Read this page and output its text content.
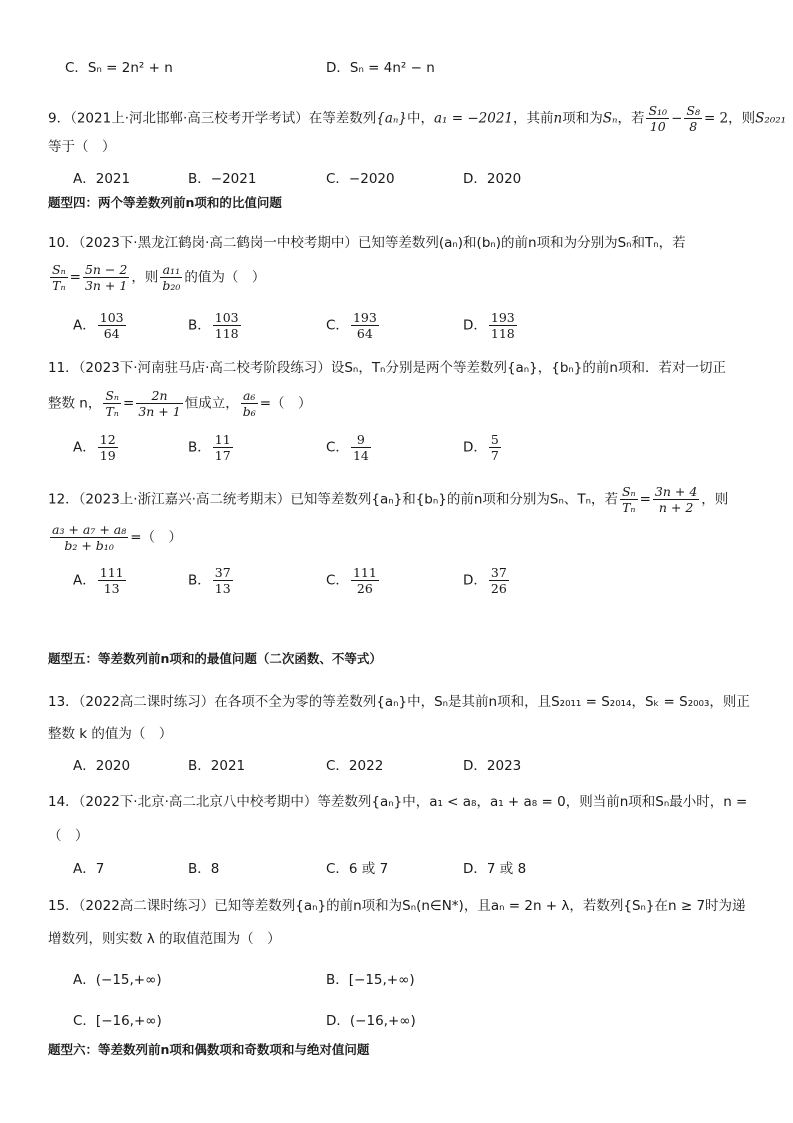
C．Sₙ = 2n² + n	D．Sₙ = 4n² − n
9．（2021上·河北邯郸·高三校考开学考试）在等差数列{aₙ}中，a₁ = −2021，其前n项和为Sₙ，若 $\frac{\text{S₁₀}}{10} - \frac{\text{S₈}}{8} = 2$，则S₂₀₂₁
等于（　）
A．2021	B．−2021	C．−2020	D．2020
题型四：两个等差数列前n项和的比值问题
10．（2023下·黑龙江鹤岗·高二鹤岗一中校考期中）已知等差数列(aₙ)和(bₙ)的前n项和为分别为Sₙ和Tₙ，若
$\frac{\text{Sₙ}}{\text{Tₙ}} = \frac{5n - 2}{3n + 1}$ ，则 $\frac{\text{a₁₁}}{\text{b₂₀}}$ 的值为（　）
A． $\frac{103}{64}$	B． $\frac{103}{118}$	C． $\frac{193}{64}$	D． $\frac{193}{118}$
11．（2023下·河南驻马店·高二校考阶段练习）设Sₙ，Tₙ分别是两个等差数列{aₙ}，{bₙ}的前n项和．若对一切正
整数 n， $\frac{\text{Sₙ}}{\text{Tₙ}} = \frac{2n}{3n + 1}$ 恒成立， $\frac{\text{a₆}}{\text{b₆}}$ =（　）
A． $\frac{12}{19}$	B． $\frac{11}{17}$	C． $\frac{9}{14}$	D． $\frac{5}{7}$
12．（2023上·浙江嘉兴·高二统考期末）已知等差数列{aₙ}和{bₙ}的前n项和分别为Sₙ、Tₙ，若 $\frac{\text{Sₙ}}{\text{Tₙ}} = \frac{3n + 4}{n + 2}$ ，则
$\frac{\text{a₃ + a₇ + a₈}}{\text{b₂ + b₁₀}}$ =（　）
A． $\frac{111}{13}$	B． $\frac{37}{13}$	C． $\frac{111}{26}$	D． $\frac{37}{26}$
题型五：等差数列前n项和的最值问题（二次函数、不等式）
13．（2022高二课时练习）在各项不全为零的等差数列{aₙ}中，Sₙ是其前n项和，且S₂₀₁₁ = S₂₀₁₄，Sₖ = S₂₀₀₃，则正
整数 k 的值为（　）
A．2020	B．2021	C．2022	D．2023
14．（2022下·北京·高二北京八中校考期中）等差数列{aₙ}中，a₁ < a₈，a₁ + a₈ = 0，则当前n项和Sₙ最小时，n =
（　）
A．7	B．8	C．6 或 7	D．7 或 8
15．（2022高二课时练习）已知等差数列{aₙ}的前n项和为Sₙ(n∈N*)，且aₙ = 2n + λ，若数列{Sₙ}在n ≥ 7时为递
增数列，则实数 λ 的取值范围为（　）
A．(−15,+∞)	B．[−15,+∞)
C．[−16,+∞)	D．(−16,+∞)
题型六：等差数列前n项和偶数项和奇数项和与绝对值问题
